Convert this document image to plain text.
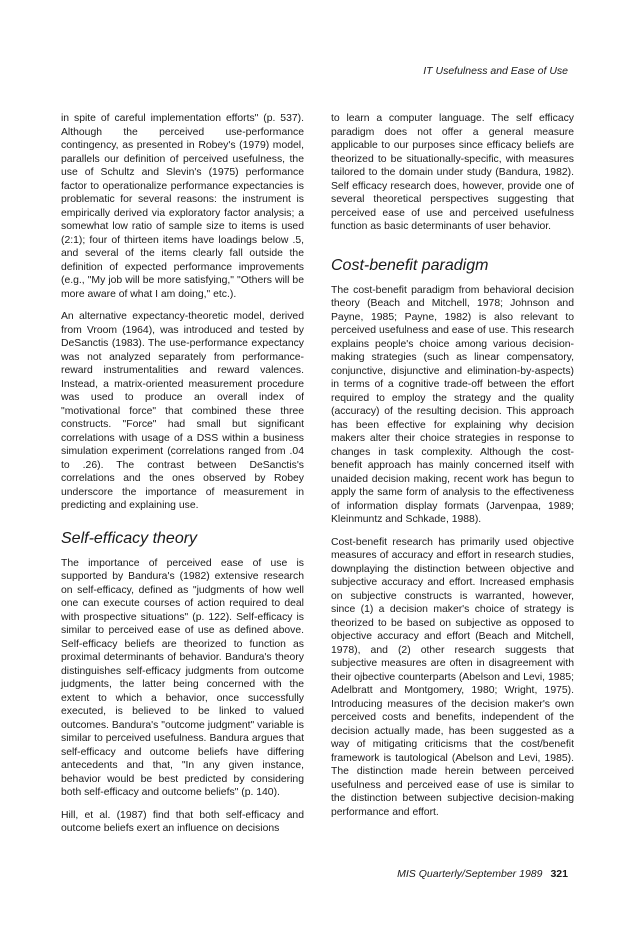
IT Usefulness and Ease of Use

in spite of careful implementation efforts" (p. 537). Although the perceived use-performance contingency, as presented in Robey's (1979) model, parallels our definition of perceived usefulness, the use of Schultz and Slevin's (1975) performance factor to operationalize performance expectancies is problematic for several reasons: the instrument is empirically derived via exploratory factor analysis; a somewhat low ratio of sample size to items is used (2:1); four of thirteen items have loadings below .5, and several of the items clearly fall outside the definition of expected performance improvements (e.g., "My job will be more satisfying," "Others will be more aware of what I am doing," etc.).

An alternative expectancy-theoretic model, derived from Vroom (1964), was introduced and tested by DeSanctis (1983). The use-performance expectancy was not analyzed separately from performance-reward instrumentalities and reward valences. Instead, a matrix-oriented measurement procedure was used to produce an overall index of "motivational force" that combined these three constructs. "Force" had small but significant correlations with usage of a DSS within a business simulation experiment (correlations ranged from .04 to .26). The contrast between DeSanctis's correlations and the ones observed by Robey underscore the importance of measurement in predicting and explaining use.

Self-efficacy theory

The importance of perceived ease of use is supported by Bandura's (1982) extensive research on self-efficacy, defined as "judgments of how well one can execute courses of action required to deal with prospective situations" (p. 122). Self-efficacy is similar to perceived ease of use as defined above. Self-efficacy beliefs are theorized to function as proximal determinants of behavior. Bandura's theory distinguishes self-efficacy judgments from outcome judgments, the latter being concerned with the extent to which a behavior, once successfully executed, is believed to be linked to valued outcomes. Bandura's "outcome judgment" variable is similar to perceived usefulness. Bandura argues that self-efficacy and outcome beliefs have differing antecedents and that, "In any given instance, behavior would be best predicted by considering both self-efficacy and outcome beliefs" (p. 140).

Hill, et al. (1987) find that both self-efficacy and outcome beliefs exert an influence on decisions

to learn a computer language. The self efficacy paradigm does not offer a general measure applicable to our purposes since efficacy beliefs are theorized to be situationally-specific, with measures tailored to the domain under study (Bandura, 1982). Self efficacy research does, however, provide one of several theoretical perspectives suggesting that perceived ease of use and perceived usefulness function as basic determinants of user behavior.

Cost-benefit paradigm

The cost-benefit paradigm from behavioral decision theory (Beach and Mitchell, 1978; Johnson and Payne, 1985; Payne, 1982) is also relevant to perceived usefulness and ease of use. This research explains people's choice among various decision-making strategies (such as linear compensatory, conjunctive, disjunctive and elimination-by-aspects) in terms of a cognitive trade-off between the effort required to employ the strategy and the quality (accuracy) of the resulting decision. This approach has been effective for explaining why decision makers alter their choice strategies in response to changes in task complexity. Although the cost-benefit approach has mainly concerned itself with unaided decision making, recent work has begun to apply the same form of analysis to the effectiveness of information display formats (Jarvenpaa, 1989; Kleinmuntz and Schkade, 1988).

Cost-benefit research has primarily used objective measures of accuracy and effort in research studies, downplaying the distinction between objective and subjective accuracy and effort. Increased emphasis on subjective constructs is warranted, however, since (1) a decision maker's choice of strategy is theorized to be based on subjective as opposed to objective accuracy and effort (Beach and Mitchell, 1978), and (2) other research suggests that subjective measures are often in disagreement with their ojbective counterparts (Abelson and Levi, 1985; Adelbratt and Montgomery, 1980; Wright, 1975). Introducing measures of the decision maker's own perceived costs and benefits, independent of the decision actually made, has been suggested as a way of mitigating criticisms that the cost/benefit framework is tautological (Abelson and Levi, 1985). The distinction made herein between perceived usefulness and perceived ease of use is similar to the distinction between subjective decision-making performance and effort.

MIS Quarterly/September 1989 321
